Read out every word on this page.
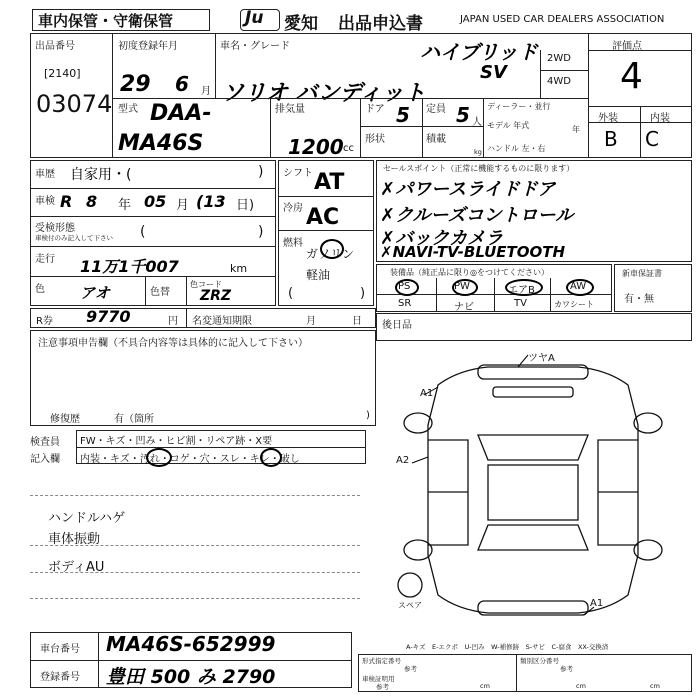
車内保管・守衛保管	Ju 愛知 出品申込書	JAPAN USED CAR DEALERS ASSOCIATION
出品番号
[2140]
03074
初度登録年月
29 6 月
車名・グレード	ハイブリッド
SV
ソリオ バンディット
2WD
4WD
評価点
4
外装	内装
B C
型式 DAA-
MA46S
排気量
1200 cc
ドア 5 定員 5 人
形状	積載
kg
ディーラー・並行
モデル 年式	年
ハンドル 左・右
車歴 自家用・(	)
車検 R 8 年 05 月 (13 日)
受検形態
車検付のみ記入して下さい (	)
走行 11万1千007	km
色 アオ	色替
色コード
ZRZ
シフト AT
冷房 AC
燃料
ガソリン
軽油
(	)
セールスポイント（正常に機能するものに限ります）
✗パワースライドドア
✗クルーズコントロール
✗バックカメラ
✗NAVI-TV-BLUETOOTH
装備品（純正品に限り◎をつけてください）
PS	PW	エアB	AW
SR	ナビ	TV	カワシート
新車保証書
有・無
R券 9770	円 名変通知期限	月	日 後日品
注意事項申告欄（不具合内容等は具体的に記入して下さい）
修復歴	有（箇所	)
検査員
記入欄
FW・キズ・凹み・ヒビ割・リペア跡・X要
内装・キズ・汚れ・コゲ・穴・スレ・キレ・破し
ハンドルハゲ
車体振動
ボディAU
ツヤA
A1
A2
A1
スペア
A-キズ　E-エクボ　U-凹み　W-補修跡　S-サビ　C-腐食　XX-交換済
車台番号 MA46S-652999
登録番号 豊田 500 み 2790
形式指定番号
参考
車検証明用
参考
類別区分番号
参考
cm	cm	cm
